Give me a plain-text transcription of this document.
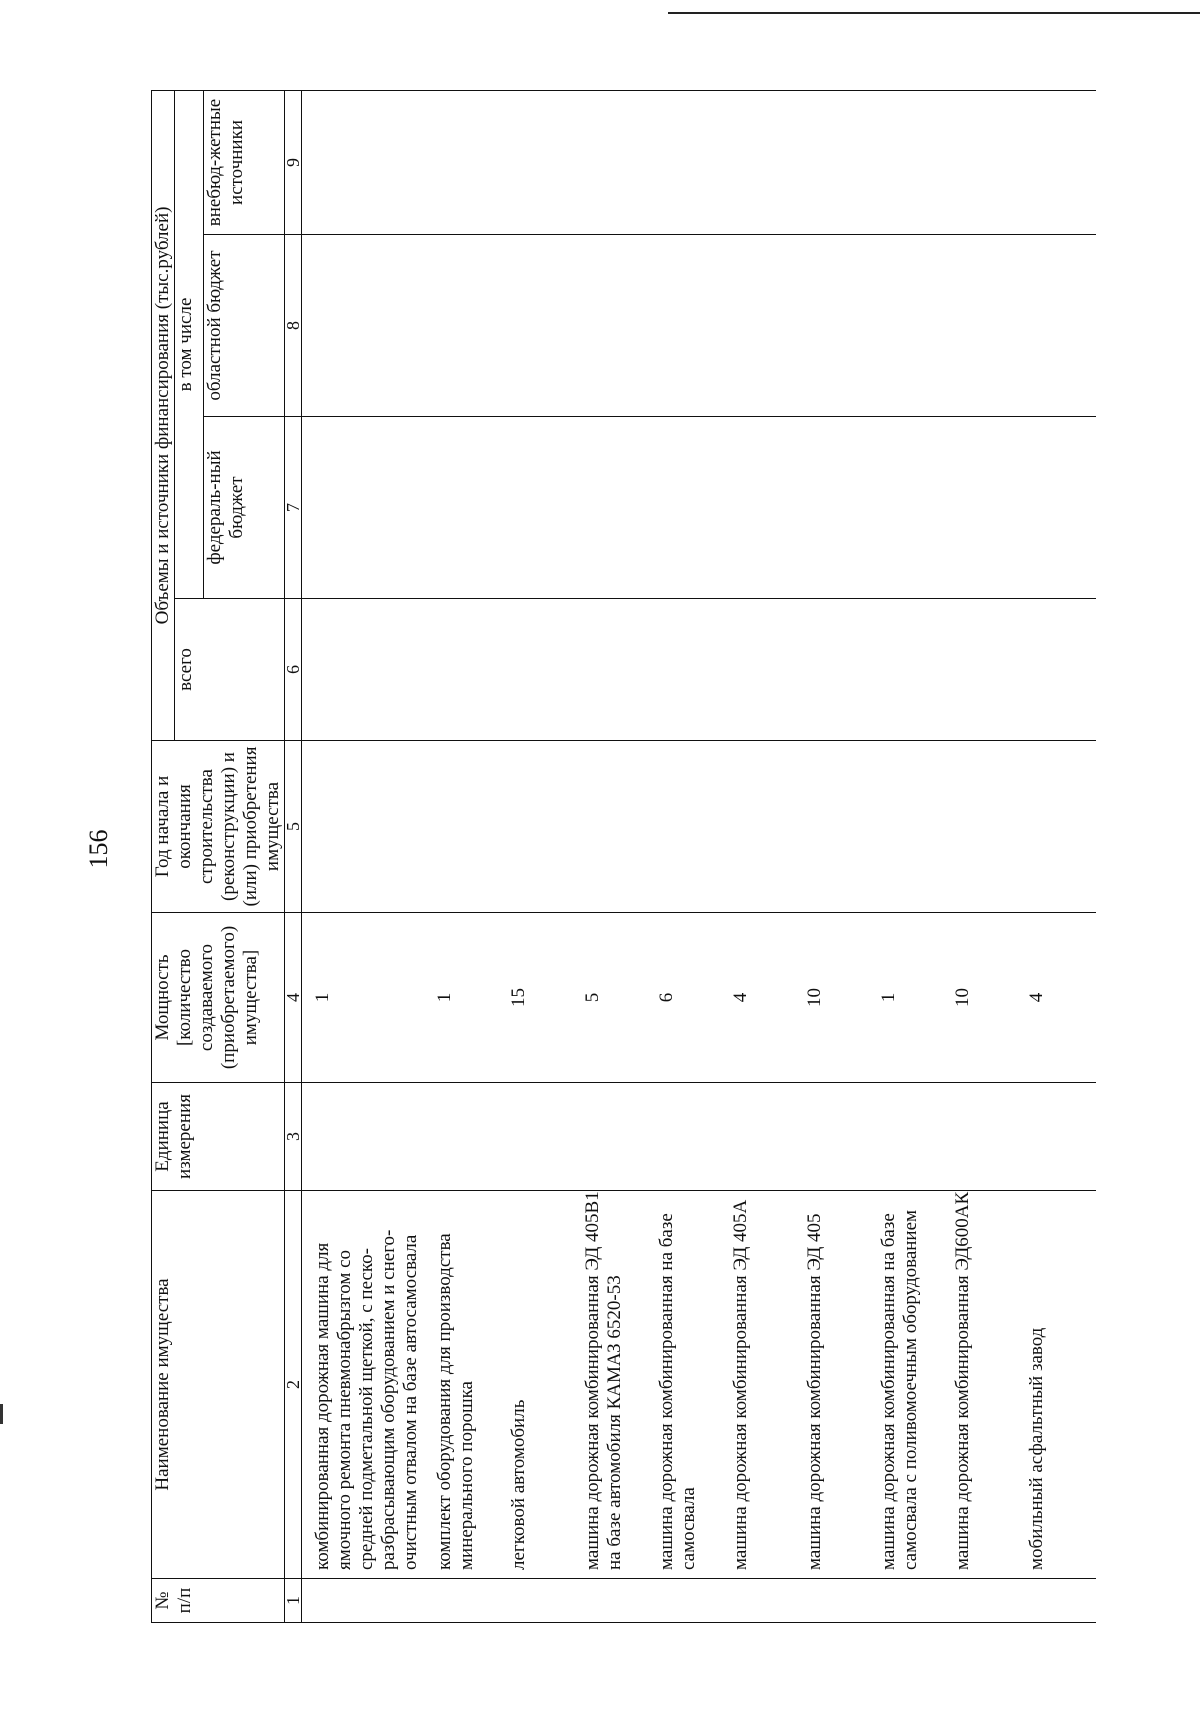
156
№ п/п	Наименование имущества	Единица измерения	Мощность [количество создаваемого (приобретаемого) имущества]	Год начала и окончания строительства (реконструкции) и (или) приобретения имущества	Объемы и источники финансирования (тыс.рублей)			
					всего	в том числе		
						федераль-ный бюджет	областной бюджет	внебюд-жетные источники
1	2	3	4	5	6	7	8	9
	комбинированная дорожная машина для ямочного ремонта пневмонабрызгом со средней подметальной щеткой, с песко-разбрасывающим оборудованием и снего-очистным отвалом на базе автосамосвала		1					
	комплект оборудования для производства минерального порошка		1					
	легковой автомобиль		15					
	машина дорожная комбинированная ЭД 405В1 на базе автомобиля КАМАЗ 6520-53		5					
	машина дорожная комбинированная на базе самосвала		6					
	машина дорожная комбинированная ЭД 405А		4					
	машина дорожная комбинированная ЭД 405		10					
	машина дорожная комбинированная на базе самосвала с поливомоечным оборудованием		1					
	машина дорожная комбинированная ЭД600АК		10					
	мобильный асфальтный завод		4					
